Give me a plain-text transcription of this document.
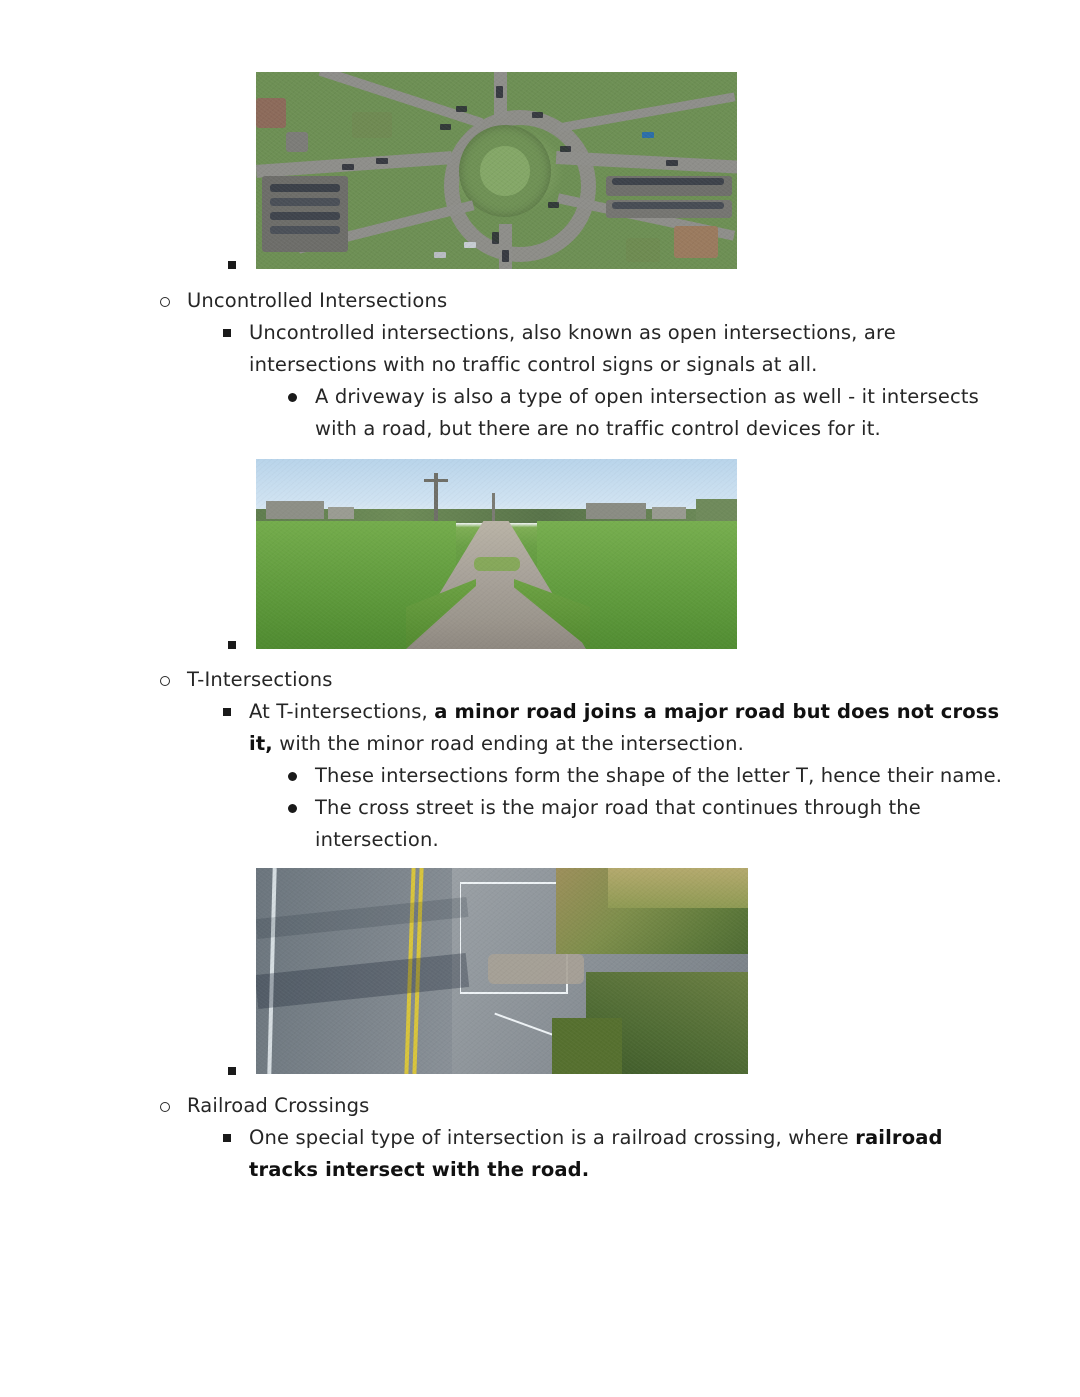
Uncontrolled Intersections
Uncontrolled intersections, also known as open intersections, are intersections with no traffic control signs or signals at all.
A driveway is also a type of open intersection as well - it intersects with a road, but there are no traffic control devices for it.
T-Intersections
At T-intersections, a minor road joins a major road but does not cross it, with the minor road ending at the intersection.
These intersections form the shape of the letter T, hence their name.
The cross street is the major road that continues through the intersection.
Railroad Crossings
One special type of intersection is a railroad crossing, where railroad tracks intersect with the road.
